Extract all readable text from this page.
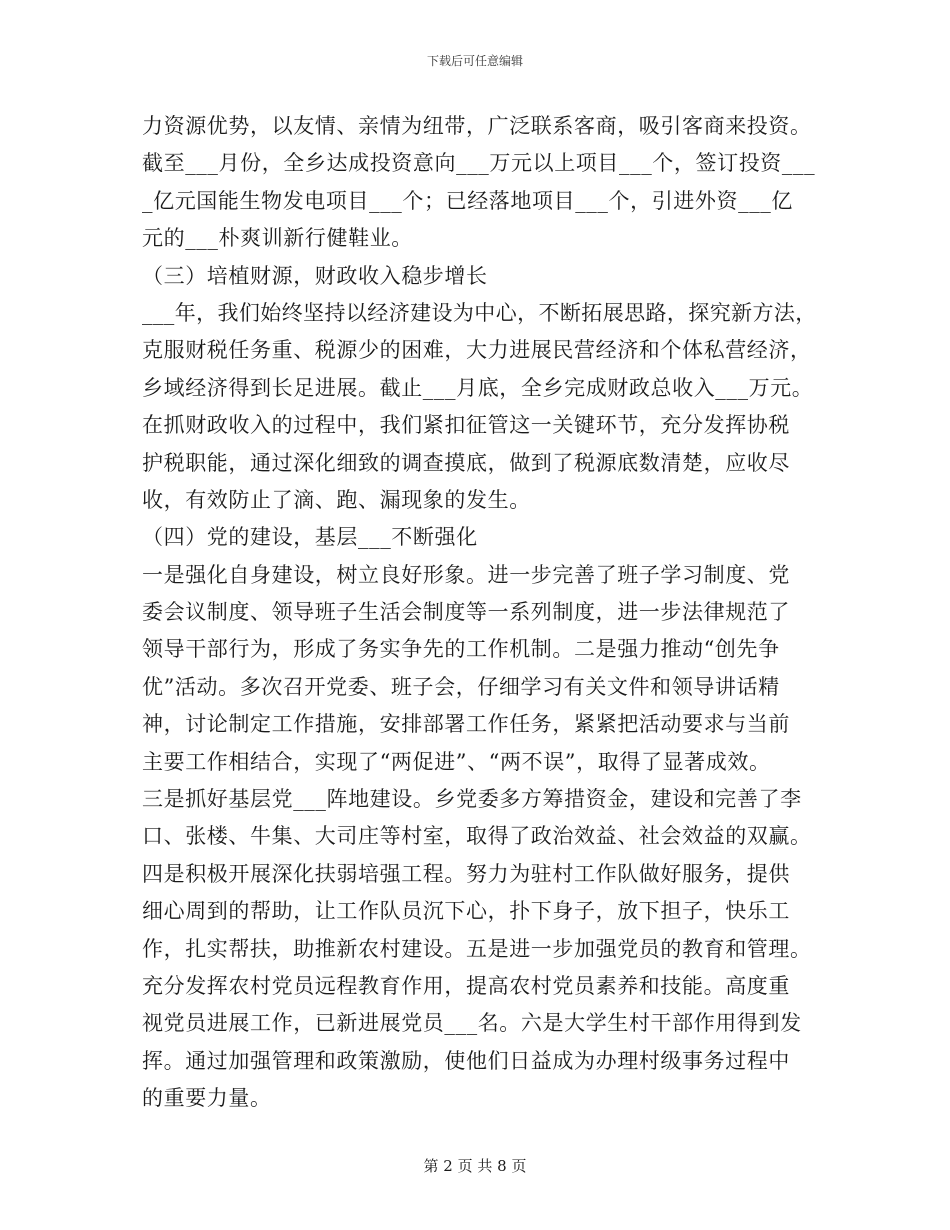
下载后可任意编辑
力资源优势，以友情、亲情为纽带，广泛联系客商，吸引客商来投资。
截至___月份，全乡达成投资意向___万元以上项目___个，签订投资___
_亿元国能生物发电项目___个；已经落地项目___个，引进外资___亿
元的___朴爽训新行健鞋业。
（三）培植财源，财政收入稳步增长
___年，我们始终坚持以经济建设为中心，不断拓展思路，探究新方法，
克服财税任务重、税源少的困难，大力进展民营经济和个体私营经济，
乡域经济得到长足进展。截止___月底，全乡完成财政总收入___万元。
在抓财政收入的过程中，我们紧扣征管这一关键环节，充分发挥协税
护税职能，通过深化细致的调查摸底，做到了税源底数清楚，应收尽
收，有效防止了滴、跑、漏现象的发生。
（四）党的建设，基层___不断强化
一是强化自身建设，树立良好形象。进一步完善了班子学习制度、党
委会议制度、领导班子生活会制度等一系列制度，进一步法律规范了
领导干部行为，形成了务实争先的工作机制。二是强力推动“创先争
优”活动。多次召开党委、班子会，仔细学习有关文件和领导讲话精
神，讨论制定工作措施，安排部署工作任务，紧紧把活动要求与当前
主要工作相结合，实现了“两促进”、“两不误”，取得了显著成效。
三是抓好基层党___阵地建设。乡党委多方筹措资金，建设和完善了李
口、张楼、牛集、大司庄等村室，取得了政治效益、社会效益的双赢。
四是积极开展深化扶弱培强工程。努力为驻村工作队做好服务，提供
细心周到的帮助，让工作队员沉下心，扑下身子，放下担子，快乐工
作，扎实帮扶，助推新农村建设。五是进一步加强党员的教育和管理。
充分发挥农村党员远程教育作用，提高农村党员素养和技能。高度重
视党员进展工作，已新进展党员___名。六是大学生村干部作用得到发
挥。通过加强管理和政策激励，使他们日益成为办理村级事务过程中
的重要力量。
第 2 页 共 8 页
